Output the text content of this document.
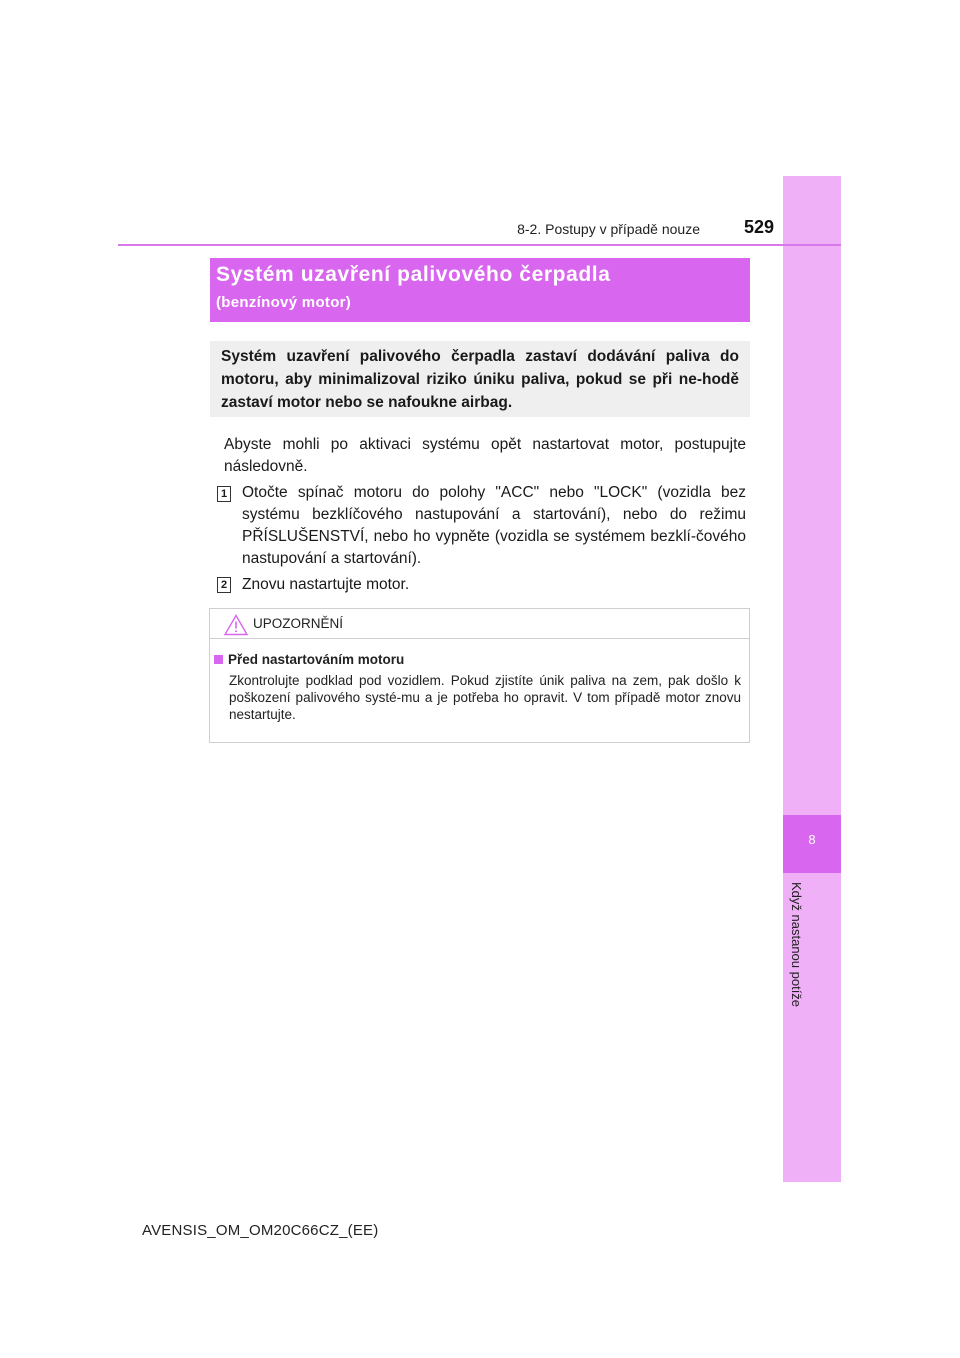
8
Když nastanou potíže
8-2. Postupy v případě nouze	529
Systém uzavření palivového čerpadla
(benzínový motor)
Systém uzavření palivového čerpadla zastaví dodávání paliva do motoru, aby minimalizoval riziko úniku paliva, pokud se při ne-hodě zastaví motor nebo se nafoukne airbag.
Abyste mohli po aktivaci systému opět nastartovat motor, postupujte následovně.
1 Otočte spínač motoru do polohy "ACC" nebo "LOCK" (vozidla bez systému bezklíčového nastupování a startování), nebo do režimu PŘÍSLUŠENSTVÍ, nebo ho vypněte (vozidla se systémem bezklí-čového nastupování a startování).
2 Znovu nastartujte motor.
UPOZORNĚNÍ
Před nastartováním motoru
Zkontrolujte podklad pod vozidlem. Pokud zjistíte únik paliva na zem, pak došlo k poškození palivového systé-mu a je potřeba ho opravit. V tom případě motor znovu nestartujte.
AVENSIS_OM_OM20C66CZ_(EE)
